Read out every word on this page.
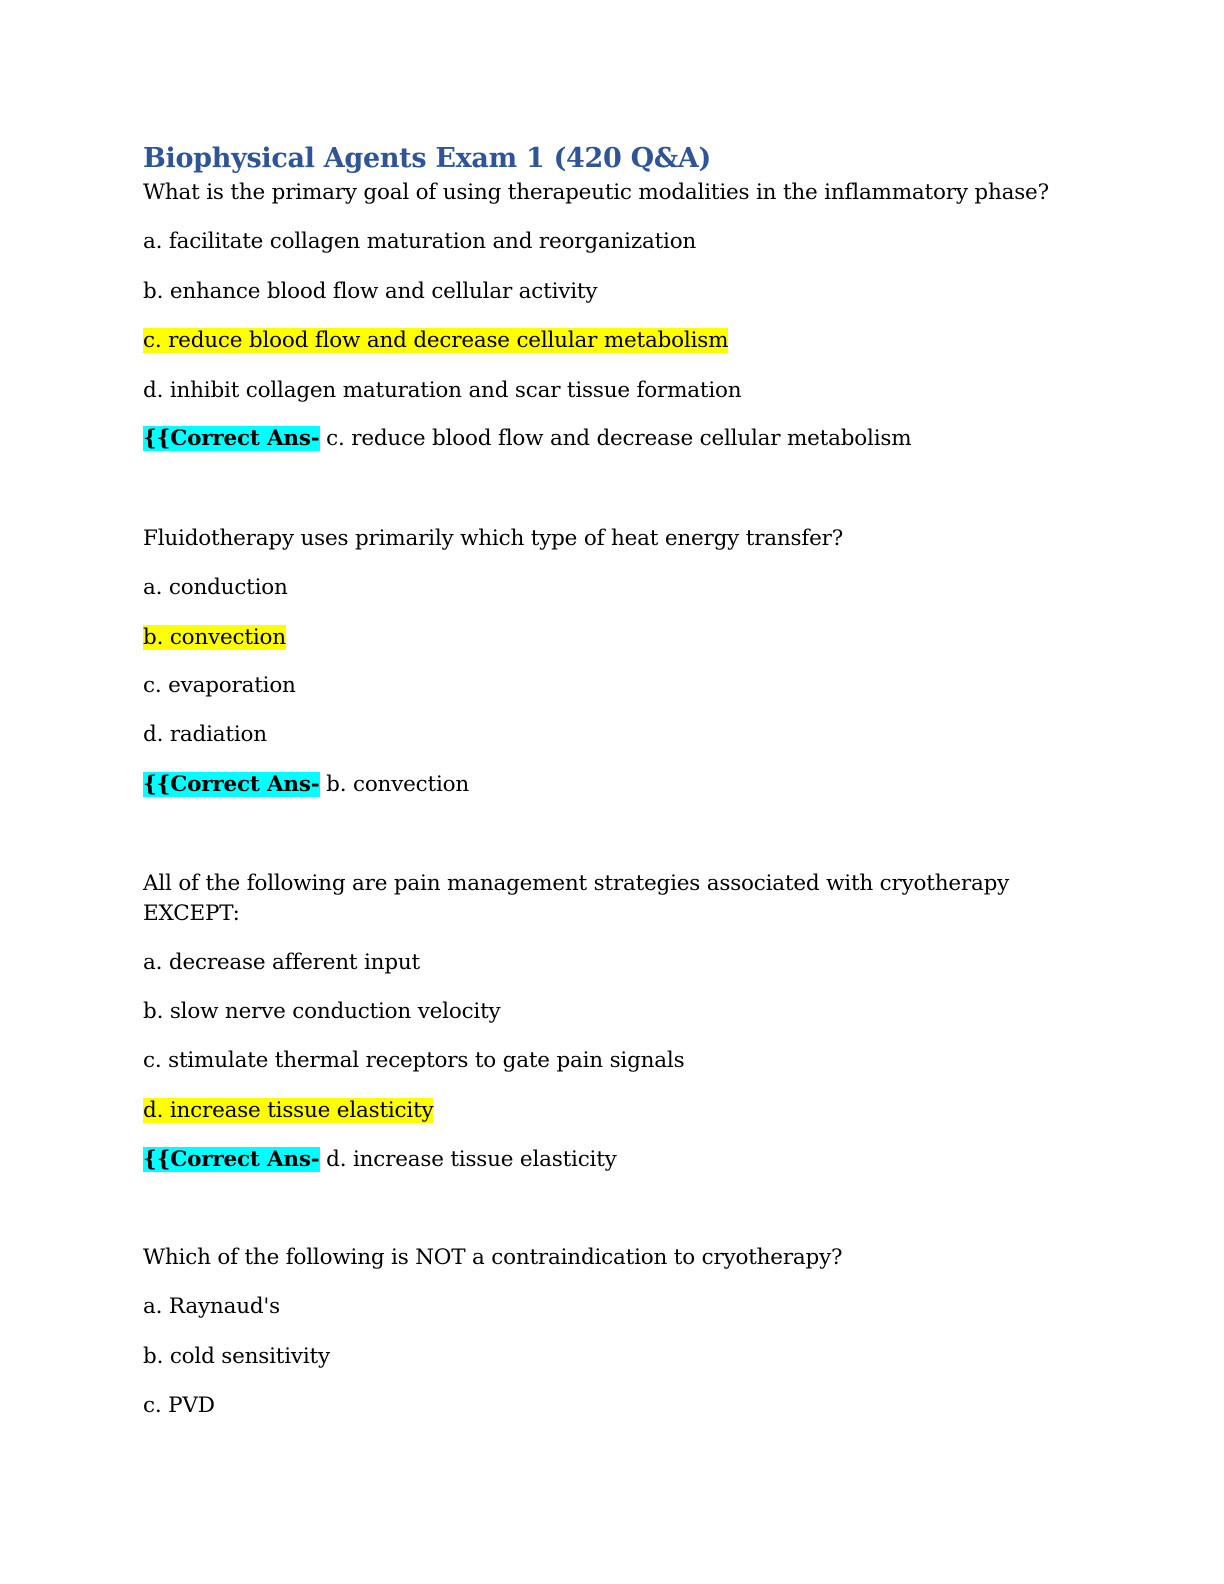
Biophysical Agents Exam 1 (420 Q&A)

What is the primary goal of using therapeutic modalities in the inflammatory phase?

a. facilitate collagen maturation and reorganization

b. enhance blood flow and cellular activity

c. reduce blood flow and decrease cellular metabolism

d. inhibit collagen maturation and scar tissue formation

{{Correct Ans- c. reduce blood flow and decrease cellular metabolism

Fluidotherapy uses primarily which type of heat energy transfer?

a. conduction

b. convection

c. evaporation

d. radiation

{{Correct Ans- b. convection

All of the following are pain management strategies associated with cryotherapy

EXCEPT:

a. decrease afferent input

b. slow nerve conduction velocity

c. stimulate thermal receptors to gate pain signals

d. increase tissue elasticity

{{Correct Ans- d. increase tissue elasticity

Which of the following is NOT a contraindication to cryotherapy?

a. Raynaud's

b. cold sensitivity

c. PVD
